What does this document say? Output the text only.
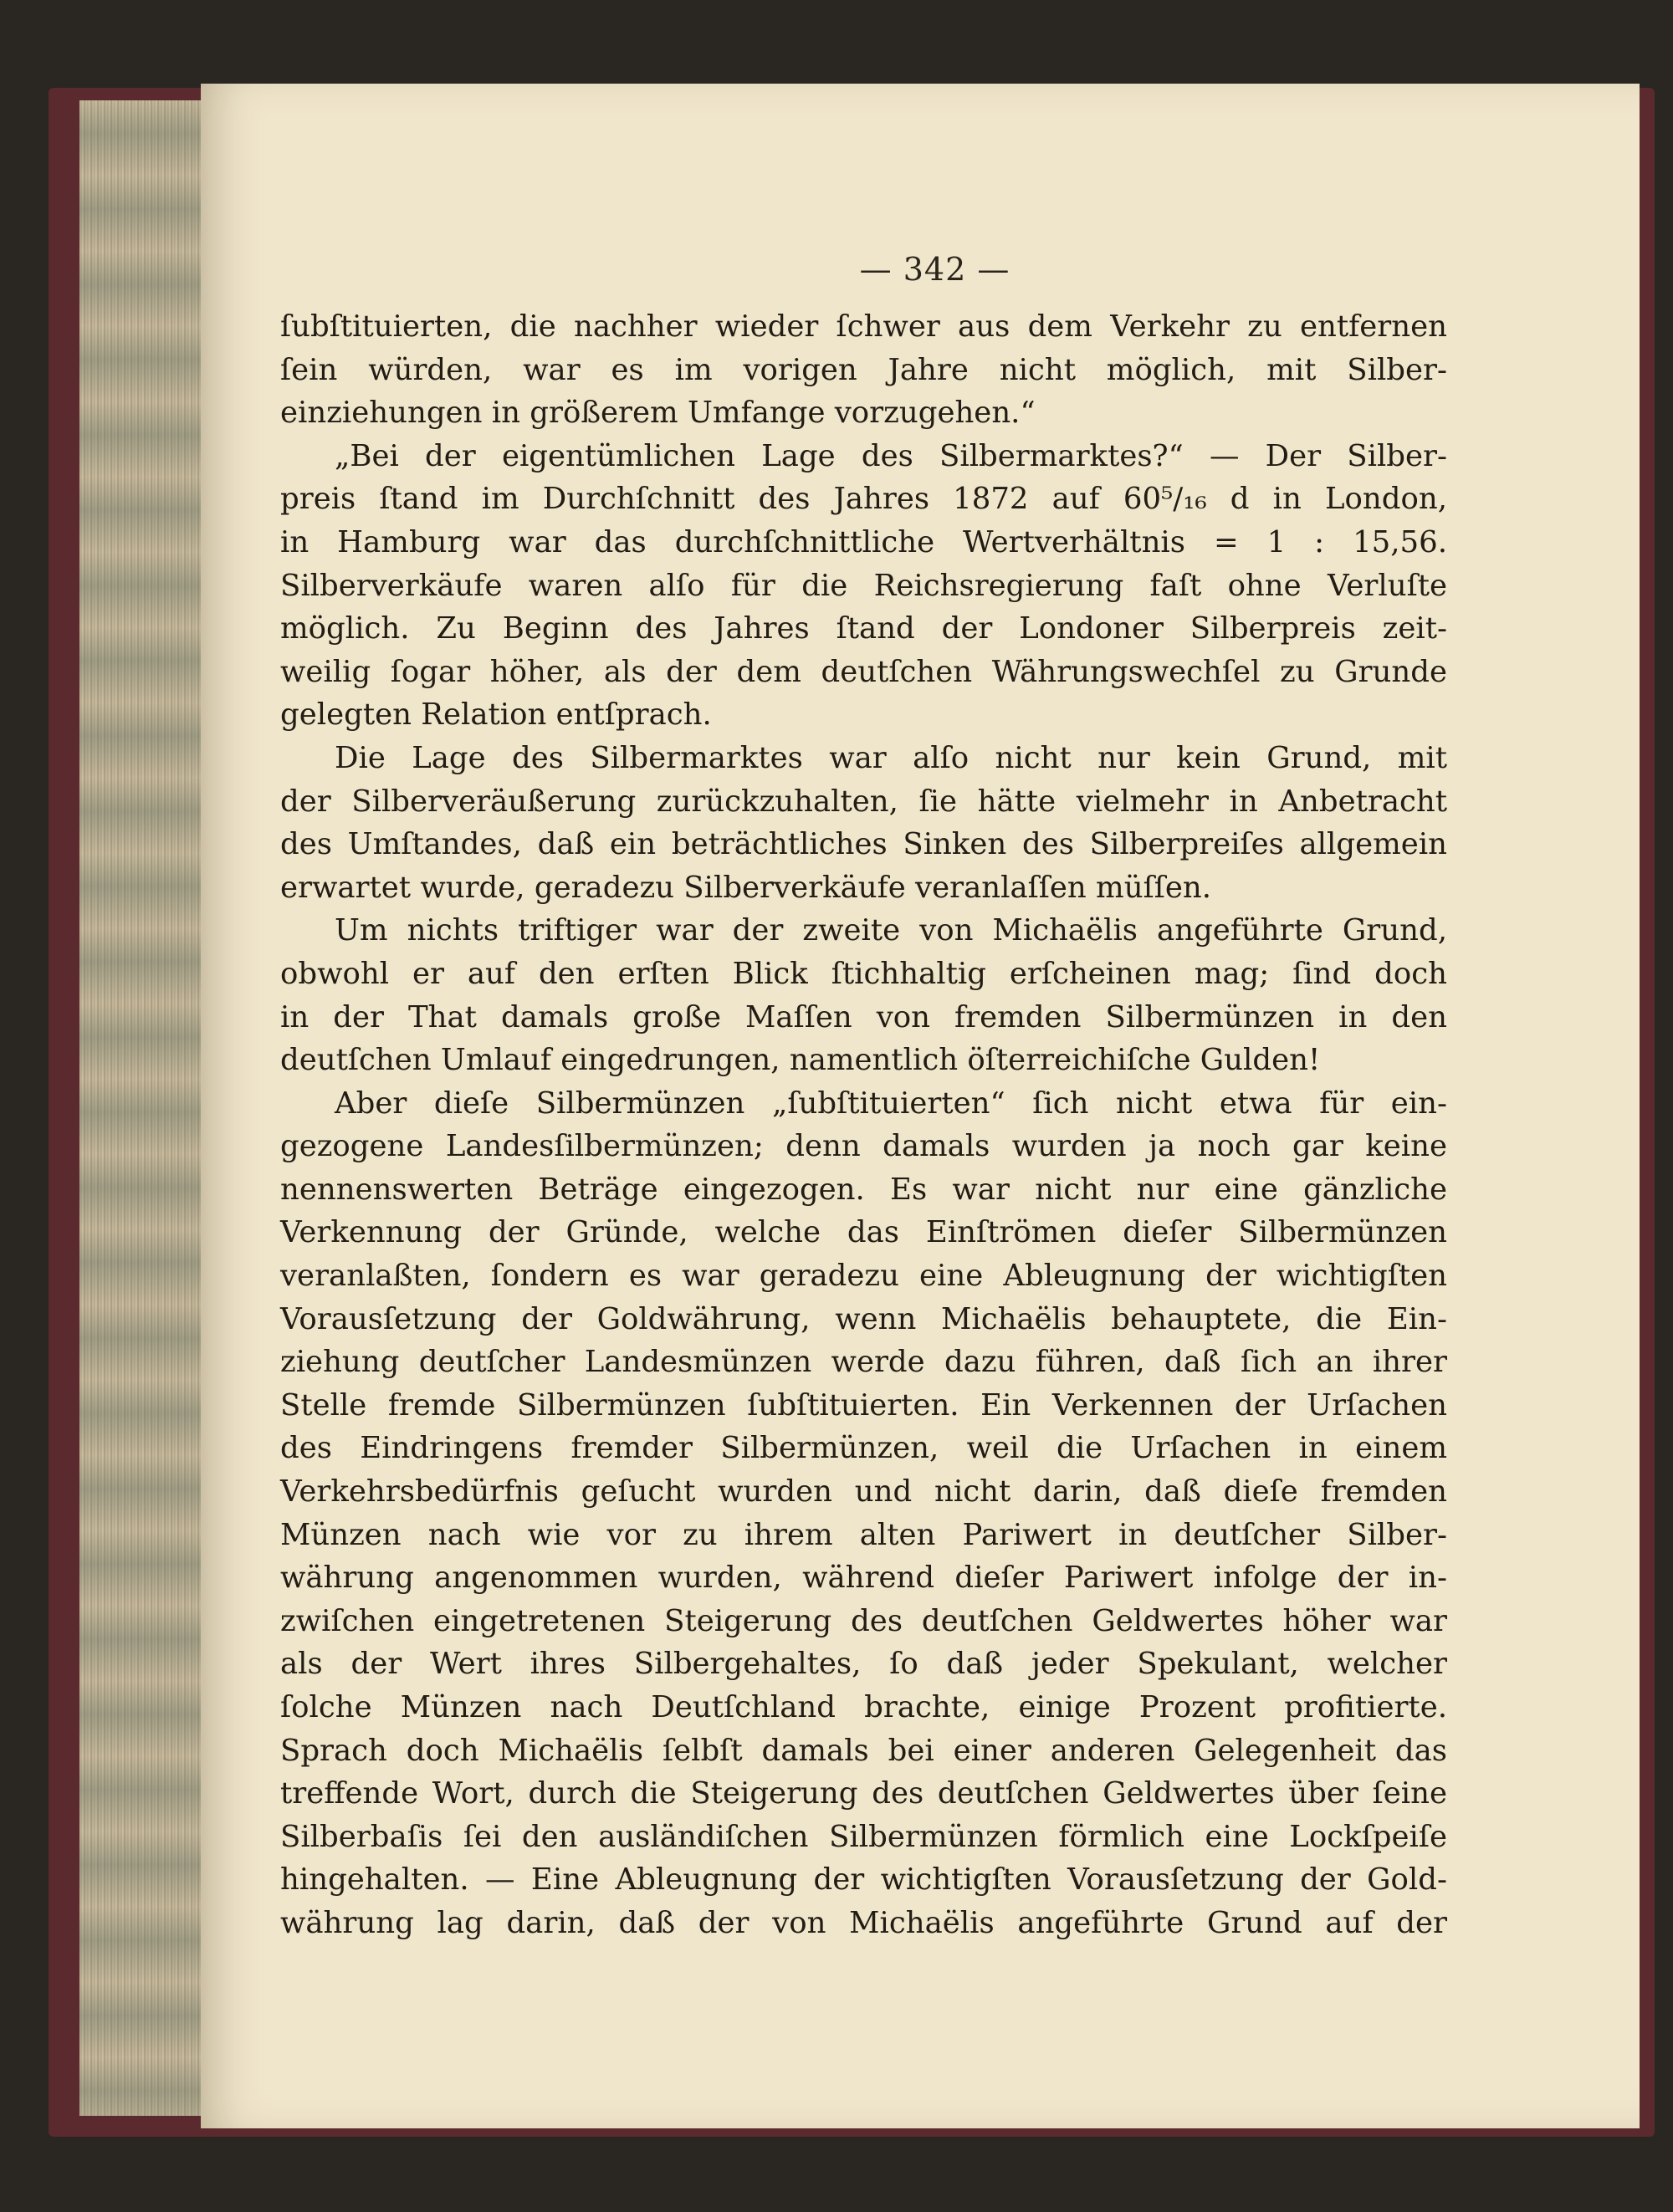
— 342 —
ſubſtituierten, die nachher wieder ſchwer aus dem Verkehr zu entfernen
ſein würden, war es im vorigen Jahre nicht möglich, mit Silber-
einziehungen in größerem Umfange vorzugehen.“
„Bei der eigentümlichen Lage des Silbermarktes?“ — Der Silber-
preis ſtand im Durchſchnitt des Jahres 1872 auf 60⁵/₁₆ d in London,
in Hamburg war das durchſchnittliche Wertverhältnis = 1 : 15,56.
Silberverkäufe waren alſo für die Reichsregierung faſt ohne Verluſte
möglich. Zu Beginn des Jahres ſtand der Londoner Silberpreis zeit-
weilig ſogar höher, als der dem deutſchen Währungswechſel zu Grunde
gelegten Relation entſprach.
Die Lage des Silbermarktes war alſo nicht nur kein Grund, mit
der Silberveräußerung zurückzuhalten, ſie hätte vielmehr in Anbetracht
des Umſtandes, daß ein beträchtliches Sinken des Silberpreiſes allgemein
erwartet wurde, geradezu Silberverkäufe veranlaſſen müſſen.
Um nichts triftiger war der zweite von Michaëlis angeführte Grund,
obwohl er auf den erſten Blick ſtichhaltig erſcheinen mag; ſind doch
in der That damals große Maſſen von fremden Silbermünzen in den
deutſchen Umlauf eingedrungen, namentlich öſterreichiſche Gulden!
Aber dieſe Silbermünzen „ſubſtituierten“ ſich nicht etwa für ein-
gezogene Landesſilbermünzen; denn damals wurden ja noch gar keine
nennenswerten Beträge eingezogen. Es war nicht nur eine gänzliche
Verkennung der Gründe, welche das Einſtrömen dieſer Silbermünzen
veranlaßten, ſondern es war geradezu eine Ableugnung der wichtigſten
Vorausſetzung der Goldwährung, wenn Michaëlis behauptete, die Ein-
ziehung deutſcher Landesmünzen werde dazu führen, daß ſich an ihrer
Stelle fremde Silbermünzen ſubſtituierten. Ein Verkennen der Urſachen
des Eindringens fremder Silbermünzen, weil die Urſachen in einem
Verkehrsbedürfnis geſucht wurden und nicht darin, daß dieſe fremden
Münzen nach wie vor zu ihrem alten Pariwert in deutſcher Silber-
währung angenommen wurden, während dieſer Pariwert infolge der in-
zwiſchen eingetretenen Steigerung des deutſchen Geldwertes höher war
als der Wert ihres Silbergehaltes, ſo daß jeder Spekulant, welcher
ſolche Münzen nach Deutſchland brachte, einige Prozent profitierte.
Sprach doch Michaëlis ſelbſt damals bei einer anderen Gelegenheit das
treffende Wort, durch die Steigerung des deutſchen Geldwertes über ſeine
Silberbaſis ſei den ausländiſchen Silbermünzen förmlich eine Lockſpeiſe
hingehalten. — Eine Ableugnung der wichtigſten Vorausſetzung der Gold-
währung lag darin, daß der von Michaëlis angeführte Grund auf der
